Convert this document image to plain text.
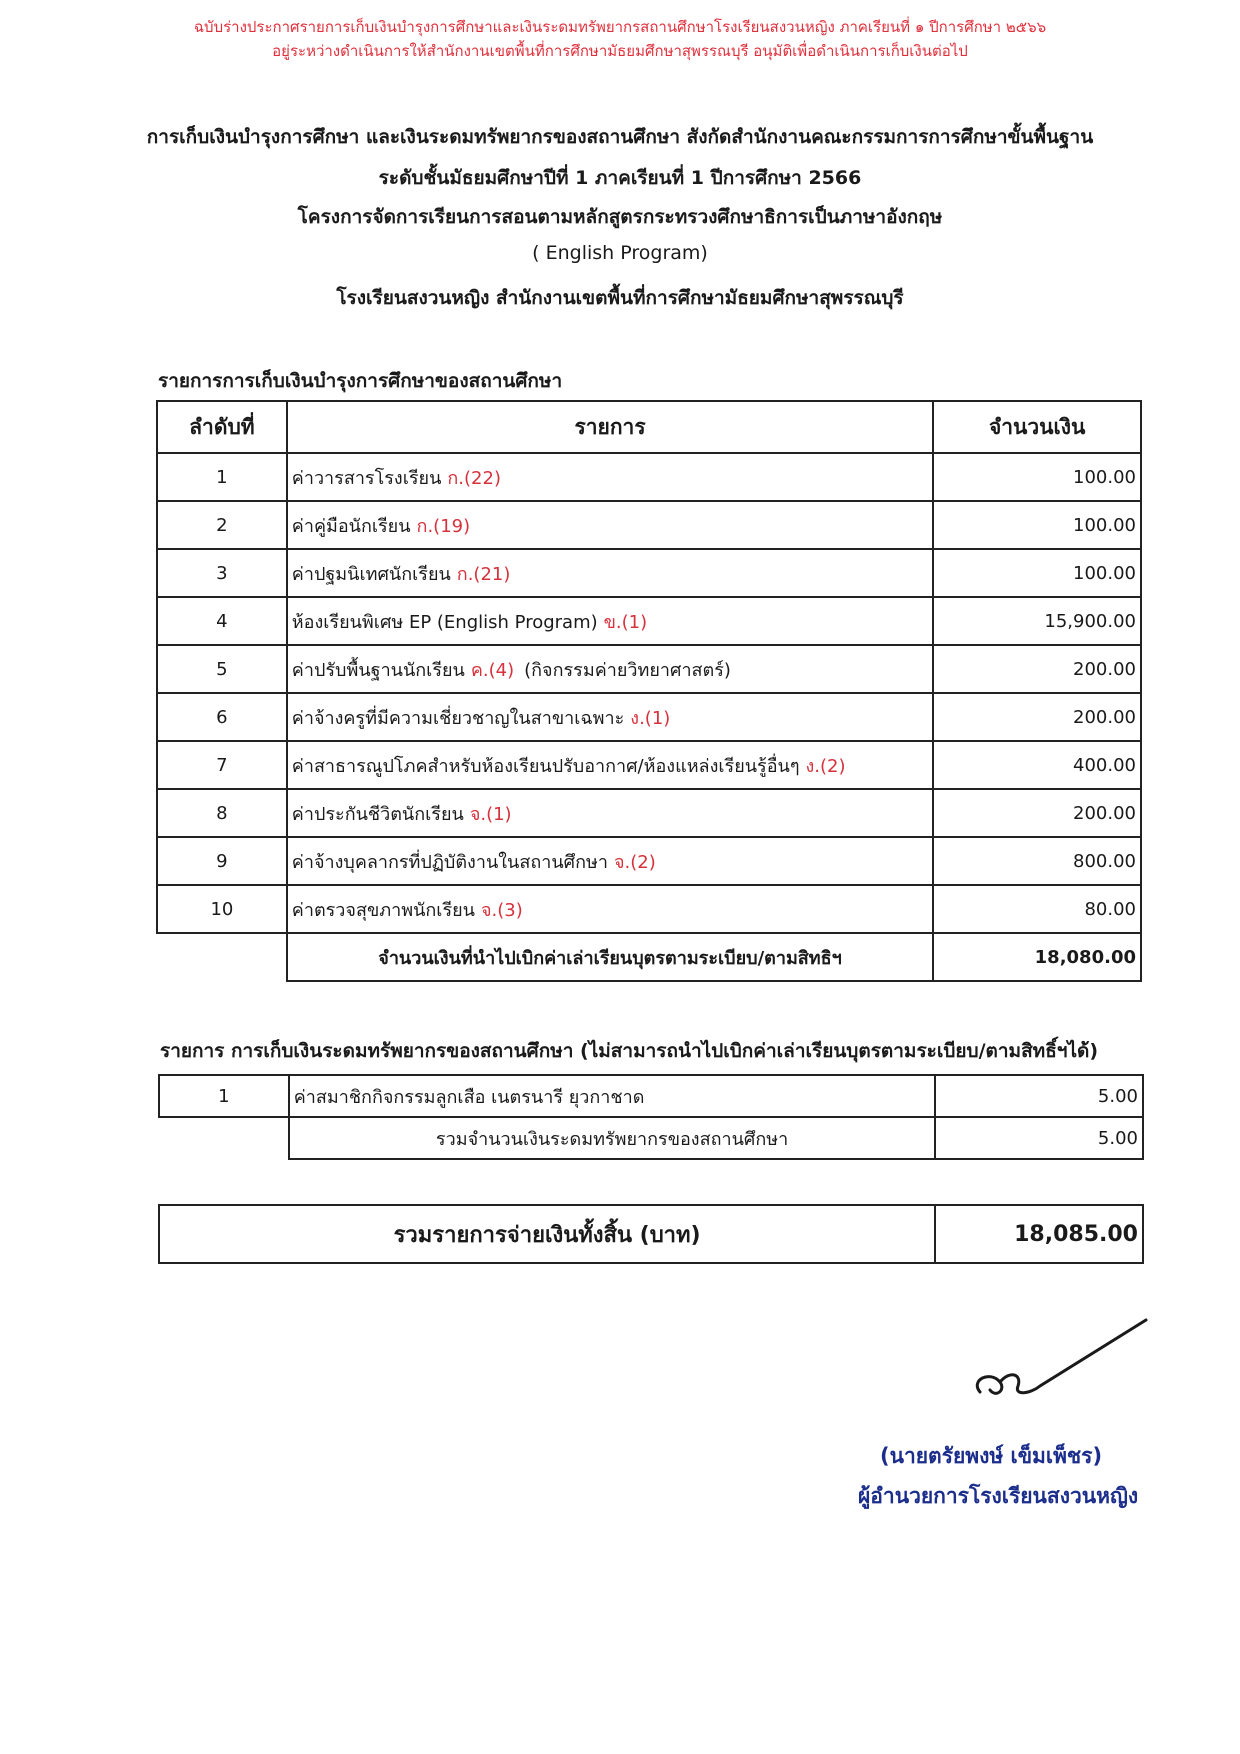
ฉบับร่างประกาศรายการเก็บเงินบำรุงการศึกษาและเงินระดมทรัพยากรสถานศึกษาโรงเรียนสงวนหญิง ภาคเรียนที่ ๑ ปีการศึกษา ๒๕๖๖
อยู่ระหว่างดำเนินการให้สำนักงานเขตพื้นที่การศึกษามัธยมศึกษาสุพรรณบุรี อนุมัติเพื่อดำเนินการเก็บเงินต่อไป
การเก็บเงินบำรุงการศึกษา และเงินระดมทรัพยากรของสถานศึกษา สังกัดสำนักงานคณะกรรมการการศึกษาขั้นพื้นฐาน
ระดับชั้นมัธยมศึกษาปีที่ 1 ภาคเรียนที่ 1 ปีการศึกษา 2566
โครงการจัดการเรียนการสอนตามหลักสูตรกระทรวงศึกษาธิการเป็นภาษาอังกฤษ
( English Program)
โรงเรียนสงวนหญิง สำนักงานเขตพื้นที่การศึกษามัธยมศึกษาสุพรรณบุรี
รายการการเก็บเงินบำรุงการศึกษาของสถานศึกษา
ลำดับที่	รายการ	จำนวนเงิน
1	ค่าวารสารโรงเรียน ก.(22)	100.00
2	ค่าคู่มือนักเรียน ก.(19)	100.00
3	ค่าปฐมนิเทศนักเรียน ก.(21)	100.00
4	ห้องเรียนพิเศษ EP (English Program) ข.(1)	15,900.00
5	ค่าปรับพื้นฐานนักเรียน ค.(4) (กิจกรรมค่ายวิทยาศาสตร์)	200.00
6	ค่าจ้างครูที่มีความเชี่ยวชาญในสาขาเฉพาะ ง.(1)	200.00
7	ค่าสาธารณูปโภคสำหรับห้องเรียนปรับอากาศ/ห้องแหล่งเรียนรู้อื่นๆ ง.(2)	400.00
8	ค่าประกันชีวิตนักเรียน จ.(1)	200.00
9	ค่าจ้างบุคลากรที่ปฏิบัติงานในสถานศึกษา จ.(2)	800.00
10	ค่าตรวจสุขภาพนักเรียน จ.(3)	80.00
	จำนวนเงินที่นำไปเบิกค่าเล่าเรียนบุตรตามระเบียบ/ตามสิทธิฯ	18,080.00
รายการ การเก็บเงินระดมทรัพยากรของสถานศึกษา (ไม่สามารถนำไปเบิกค่าเล่าเรียนบุตรตามระเบียบ/ตามสิทธิ์ฯได้)
1	ค่าสมาชิกกิจกรรมลูกเสือ เนตรนารี ยุวกาชาด	5.00
	รวมจำนวนเงินระดมทรัพยากรของสถานศึกษา	5.00
รวมรายการจ่ายเงินทั้งสิ้น (บาท)	18,085.00
(นายตรัยพงษ์ เข็มเพ็ชร)
ผู้อำนวยการโรงเรียนสงวนหญิง
